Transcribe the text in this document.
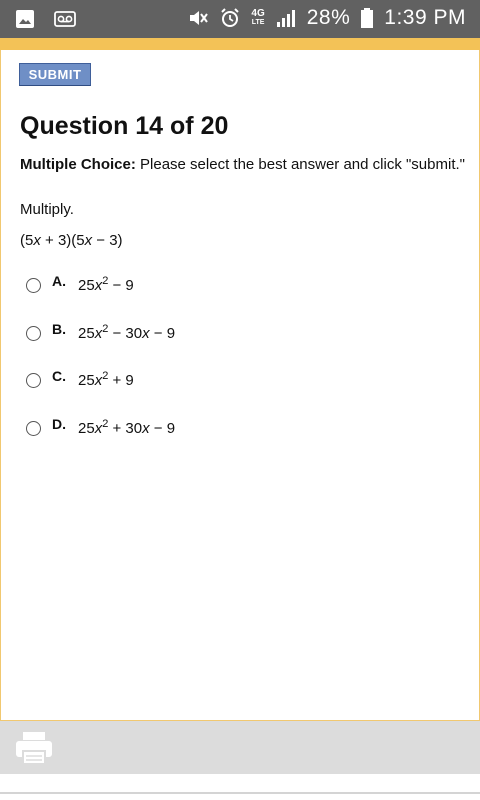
4G
LTE 28% 1:39 PM
SUBMIT
Question 14 of 20
Multiple Choice: Please select the best answer and click "submit."
Multiply.
(5x + 3)(5x − 3)
A. $25x^2 - 9$
B. $25x^2 - 30x - 9$
C. $25x^2 + 9$
D. $25x^2 + 30x - 9$
